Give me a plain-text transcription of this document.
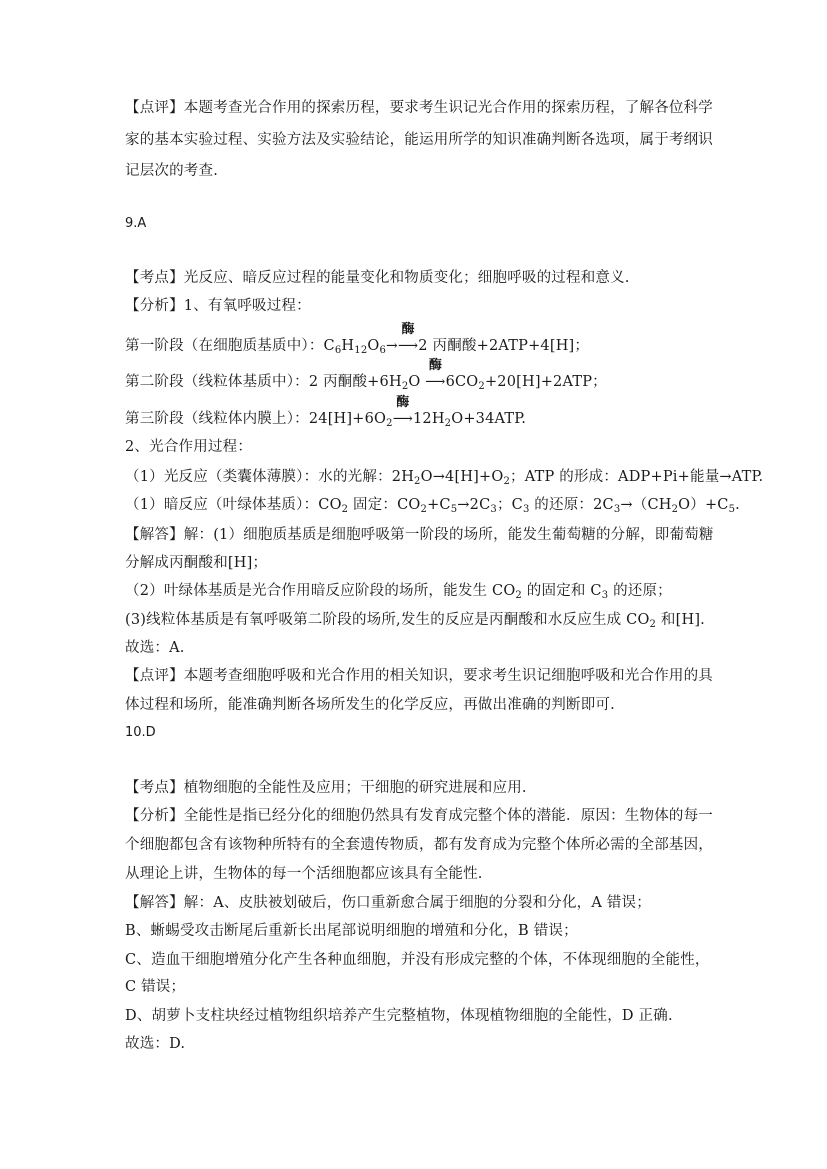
【点评】本题考查光合作用的探索历程，要求考生识记光合作用的探索历程，了解各位科学
家的基本实验过程、实验方法及实验结论，能运用所学的知识准确判断各选项，属于考纲识
记层次的考查.
9.A
【考点】光反应、暗反应过程的能量变化和物质变化；细胞呼吸的过程和意义.
【分析】1、有氧呼吸过程：
第一阶段（在细胞质基质中）：$C_6H_{12}O_6\to$
酶
⟶2 丙酮酸+2ATP+4[H]；
第二阶段（线粒体基质中）：2 丙酮酸$+6H_2O$
酶
$⟶6CO_2+20[H]+2ATP$；
第三阶段（线粒体内膜上）：$24[H]+6O_2$
酶
$⟶12H_2O+34ATP$.
2、光合作用过程：
（1）光反应（类囊体薄膜）：水的光解：$2H_2O\to 4[H]+O_2$；ATP 的形成：ADP+Pi+能量→ATP.
（1）暗反应（叶绿体基质）：$CO_2$ 固定：$CO_2+C_5\to 2C_3$；$C_3$ 的还原：$2C_3\to(CH_2O)+C_5$.
【解答】解：(1）细胞质基质是细胞呼吸第一阶段的场所，能发生葡萄糖的分解，即葡萄糖
分解成丙酮酸和[H]；
（2）叶绿体基质是光合作用暗反应阶段的场所，能发生 $CO_2$ 的固定和 $C_3$ 的还原；
(3)线粒体基质是有氧呼吸第二阶段的场所,发生的反应是丙酮酸和水反应生成 $CO_2$ 和[H].
故选：A.
【点评】本题考查细胞呼吸和光合作用的相关知识，要求考生识记细胞呼吸和光合作用的具
体过程和场所，能准确判断各场所发生的化学反应，再做出准确的判断即可.
10.D
【考点】植物细胞的全能性及应用；干细胞的研究进展和应用.
【分析】全能性是指已经分化的细胞仍然具有发育成完整个体的潜能．原因：生物体的每一
个细胞都包含有该物种所特有的全套遗传物质，都有发育成为完整个体所必需的全部基因，
从理论上讲，生物体的每一个活细胞都应该具有全能性.
【解答】解：A、皮肤被划破后，伤口重新愈合属于细胞的分裂和分化，A 错误；
B、蜥蜴受攻击断尾后重新长出尾部说明细胞的增殖和分化，B 错误；
C、造血干细胞增殖分化产生各种血细胞，并没有形成完整的个体，不体现细胞的全能性，
C 错误；
D、胡萝卜支柱块经过植物组织培养产生完整植物，体现植物细胞的全能性，D 正确.
故选：D.
